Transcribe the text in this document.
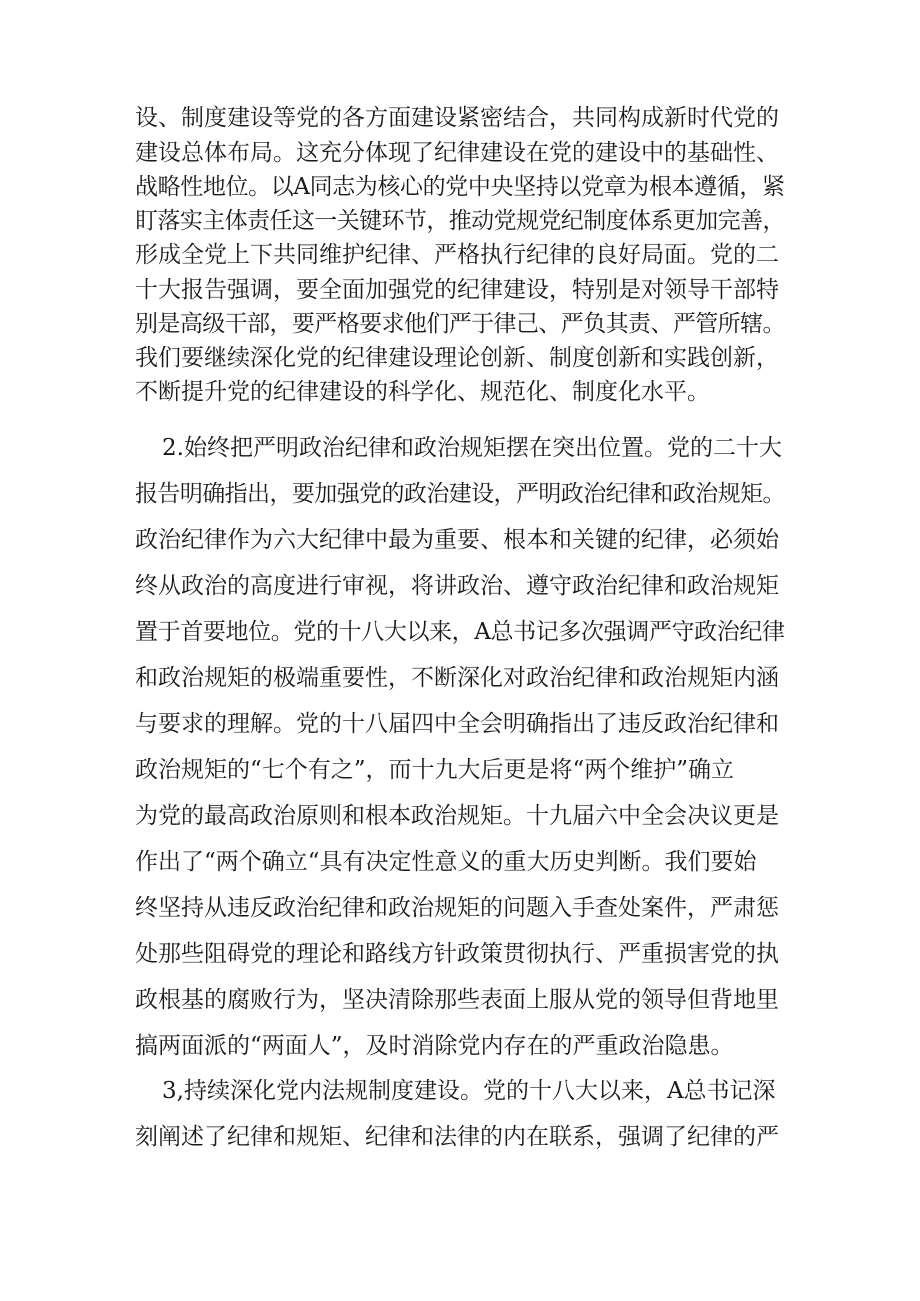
设、制度建设等党的各方面建设紧密结合，共同构成新时代党的
建设总体布局。这充分体现了纪律建设在党的建设中的基础性、
战略性地位。以A同志为核心的党中央坚持以党章为根本遵循，紧
盯落实主体责任这一关键环节，推动党规党纪制度体系更加完善，
形成全党上下共同维护纪律、严格执行纪律的良好局面。党的二
十大报告强调，要全面加强党的纪律建设，特别是对领导干部特
别是高级干部，要严格要求他们严于律己、严负其责、严管所辖。
我们要继续深化党的纪律建设理论创新、制度创新和实践创新，
不断提升党的纪律建设的科学化、规范化、制度化水平。
2.始终把严明政治纪律和政治规矩摆在突出位置。党的二十大
报告明确指出，要加强党的政治建设，严明政治纪律和政治规矩。
政治纪律作为六大纪律中最为重要、根本和关键的纪律，必须始
终从政治的高度进行审视，将讲政治、遵守政治纪律和政治规矩
置于首要地位。党的十八大以来，A总书记多次强调严守政治纪律
和政治规矩的极端重要性，不断深化对政治纪律和政治规矩内涵
与要求的理解。党的十八届四中全会明确指出了违反政治纪律和
政治规矩的“七个有之”，而十九大后更是将“两个维护”确立
为党的最高政治原则和根本政治规矩。十九届六中全会决议更是
作出了“两个确立“具有决定性意义的重大历史判断。我们要始
终坚持从违反政治纪律和政治规矩的问题入手查处案件，严肃惩
处那些阻碍党的理论和路线方针政策贯彻执行、严重损害党的执
政根基的腐败行为，坚决清除那些表面上服从党的领导但背地里
搞两面派的“两面人”，及时消除党内存在的严重政治隐患。
3,持续深化党内法规制度建设。党的十八大以来，A总书记深
刻阐述了纪律和规矩、纪律和法律的内在联系，强调了纪律的严
